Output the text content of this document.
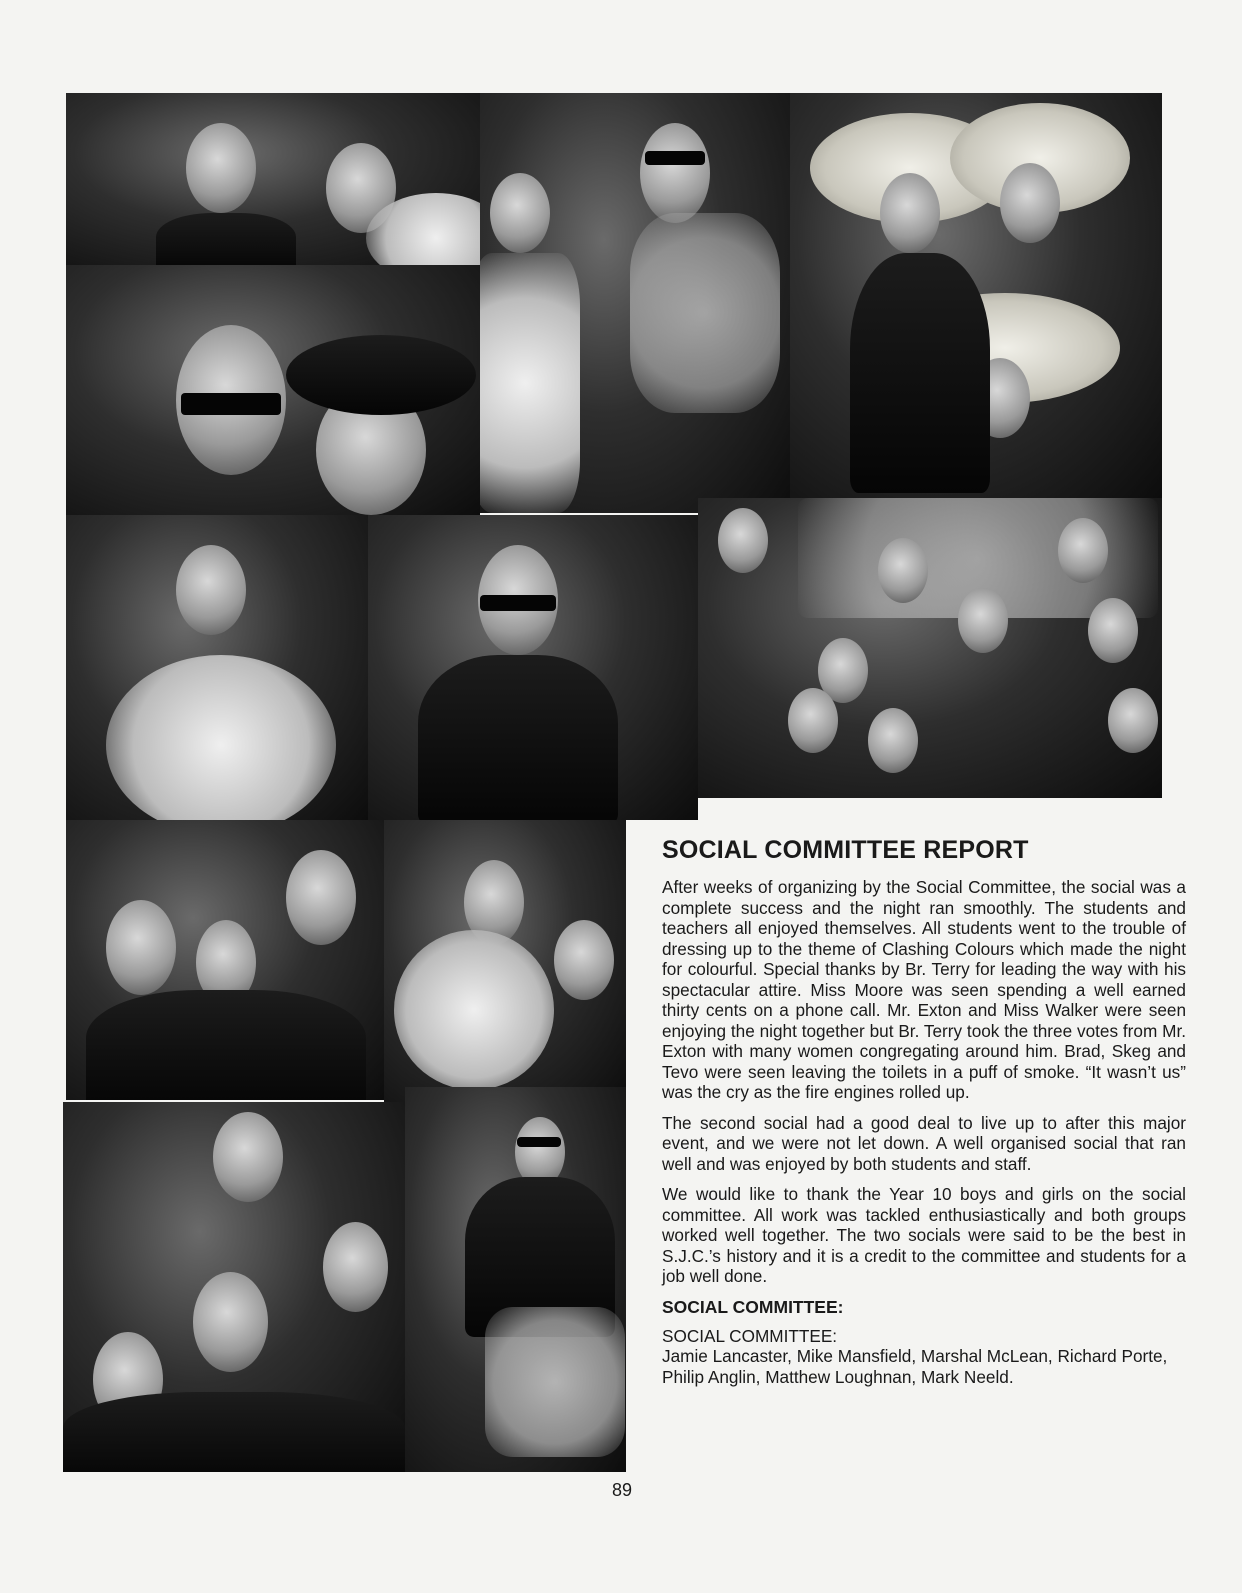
SOCIAL COMMITTEE REPORT

After weeks of organizing by the Social Committee, the social was a complete success and the night ran smoothly. The students and teachers all enjoyed themselves. All students went to the trouble of dressing up to the theme of Clashing Colours which made the night for colourful. Special thanks by Br. Terry for leading the way with his spectacular attire. Miss Moore was seen spending a well earned thirty cents on a phone call. Mr. Exton and Miss Walker were seen enjoying the night together but Br. Terry took the three votes from Mr. Exton with many women congregating around him. Brad, Skeg and Tevo were seen leaving the toilets in a puff of smoke. “It wasn’t us” was the cry as the fire engines rolled up.

The second social had a good deal to live up to after this major event, and we were not let down. A well organised social that ran well and was enjoyed by both students and staff.

We would like to thank the Year 10 boys and girls on the social committee. All work was tackled enthusiastically and both groups worked well together. The two socials were said to be the best in S.J.C.’s history and it is a credit to the committee and students for a job well done.

SOCIAL COMMITTEE:
SOCIAL COMMITTEE:
Jamie Lancaster, Mike Mansfield, Marshal McLean, Richard Porte, Philip Anglin, Matthew Loughnan, Mark Neeld.
89
